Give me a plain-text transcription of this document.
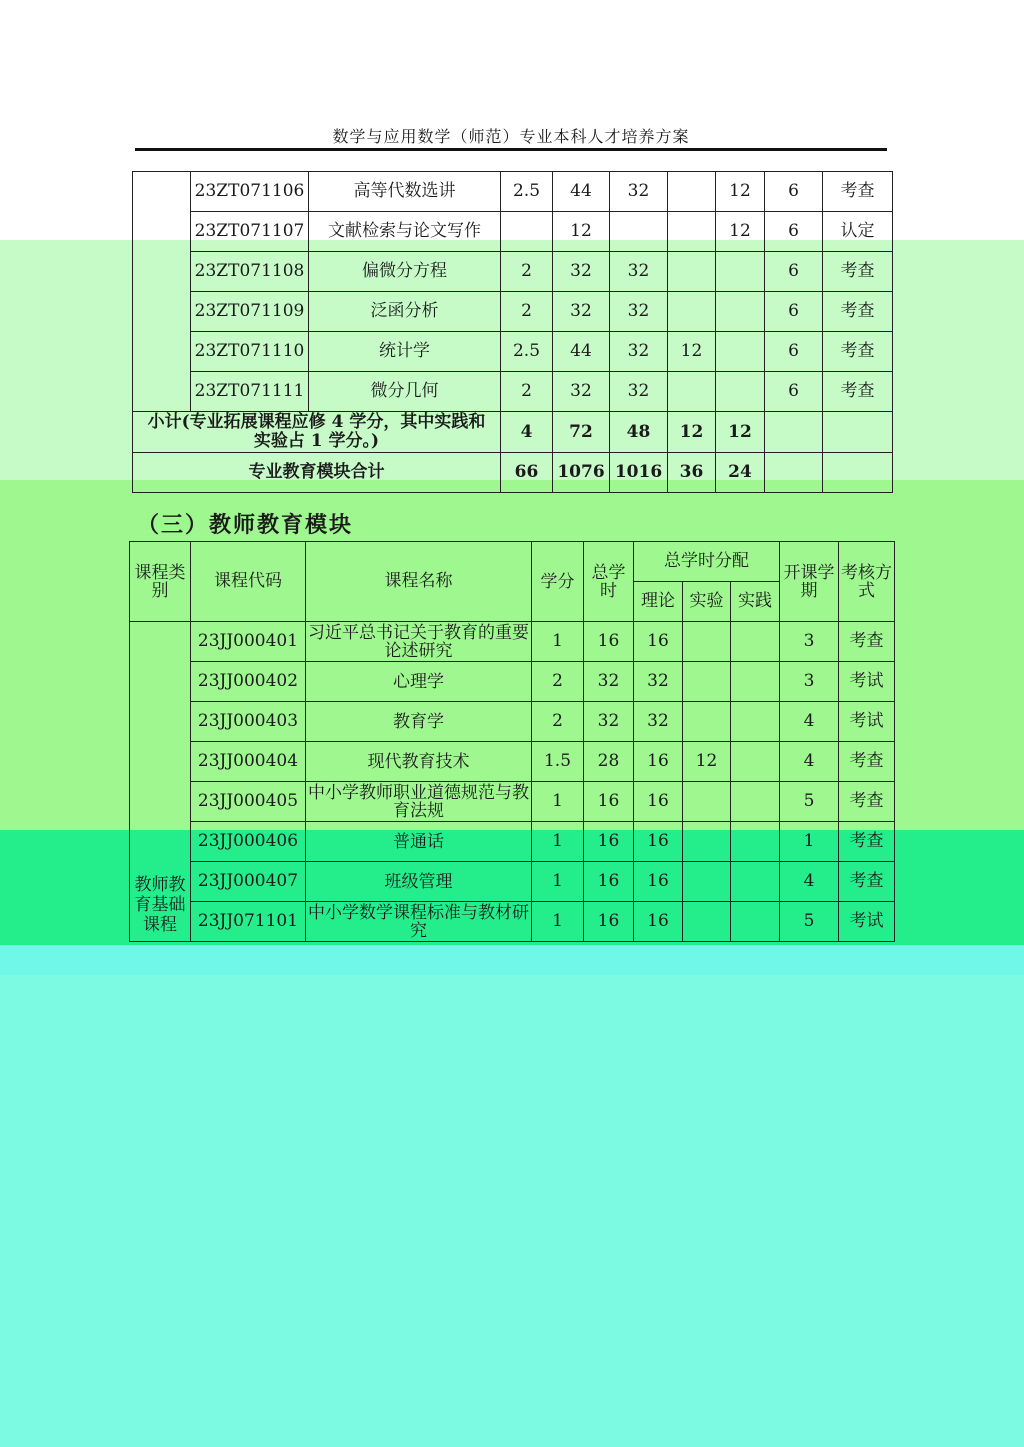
数学与应用数学（师范）专业本科人才培养方案
	23ZT071106	高等代数选讲	2.5	44	32		12	6	考查
	23ZT071107	文献检索与论文写作		12			12	6	认定
	23ZT071108	偏微分方程	2	32	32			6	考查
	23ZT071109	泛函分析	2	32	32			6	考查
	23ZT071110	统计学	2.5	44	32	12		6	考查
	23ZT071111	微分几何	2	32	32			6	考查

小计(专业拓展课程应修 4 学分，其中实践和
实验占 1 学分。)			4	72	48	12	12		
专业教育模块合计			66	1076	1016	36	24		
（三）教师教育模块
课程类别	课程代码	课程名称	学分	总学时	总学时分配			开课学期	考核方式
					理论	实验	实践		
教师教育基础课程	23JJ000401	习近平总书记关于教育的重要论述研究	1	16	16			3	考查
	23JJ000402	心理学	2	32	32			3	考试
	23JJ000403	教育学	2	32	32			4	考试
	23JJ000404	现代教育技术	1.5	28	16	12		4	考查
	23JJ000405	中小学教师职业道德规范与教育法规	1	16	16			5	考查
	23JJ000406	普通话	1	16	16			1	考查
	23JJ000407	班级管理	1	16	16			4	考查
	23JJ071101	中小学数学课程标准与教材研究	1	16	16			5	考试
